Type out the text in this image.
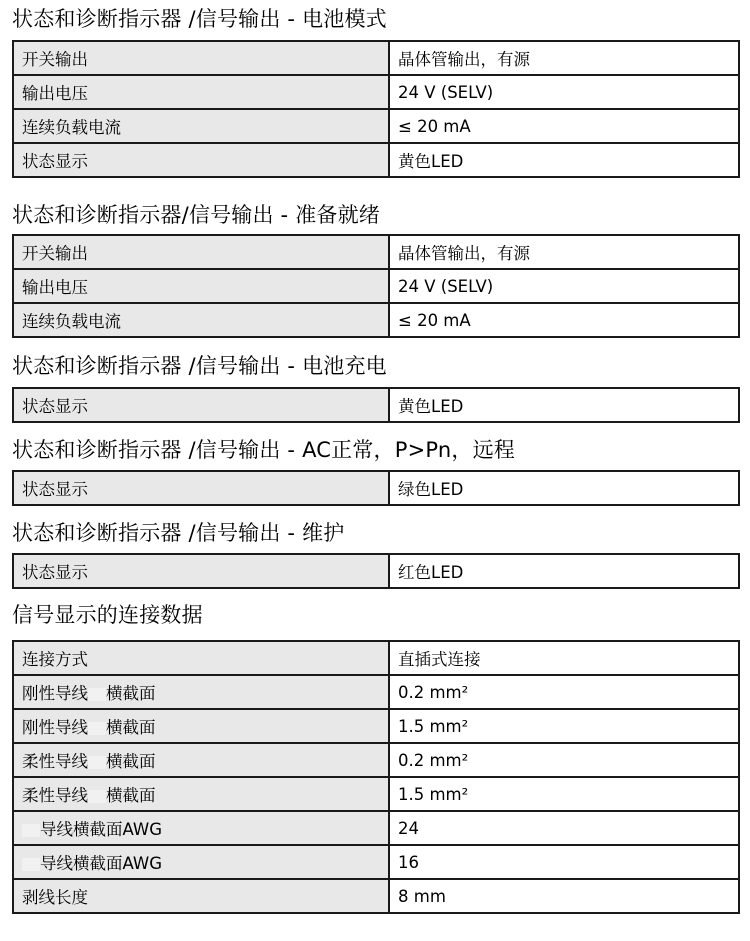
状态和诊断指示器 /信号输出 - 电池模式
开关输出	晶体管输出，有源
输出电压	24 V (SELV)
连续负载电流	≤ 20 mA
状态显示	黄色LED
状态和诊断指示器/信号输出 - 准备就绪
开关输出	晶体管输出，有源
输出电压	24 V (SELV)
连续负载电流	≤ 20 mA
状态和诊断指示器 /信号输出 - 电池充电
状态显示	黄色LED
状态和诊断指示器 /信号输出 - AC正常，P>Pn，远程
状态显示	绿色LED
状态和诊断指示器 /信号输出 - 维护
状态显示	红色LED
信号显示的连接数据
连接方式	直插式连接
刚性导线 横截面	0.2 mm²
刚性导线 横截面	1.5 mm²
柔性导线 横截面	0.2 mm²
柔性导线 横截面	1.5 mm²
导线横截面AWG	24
导线横截面AWG	16
剥线长度	8 mm
